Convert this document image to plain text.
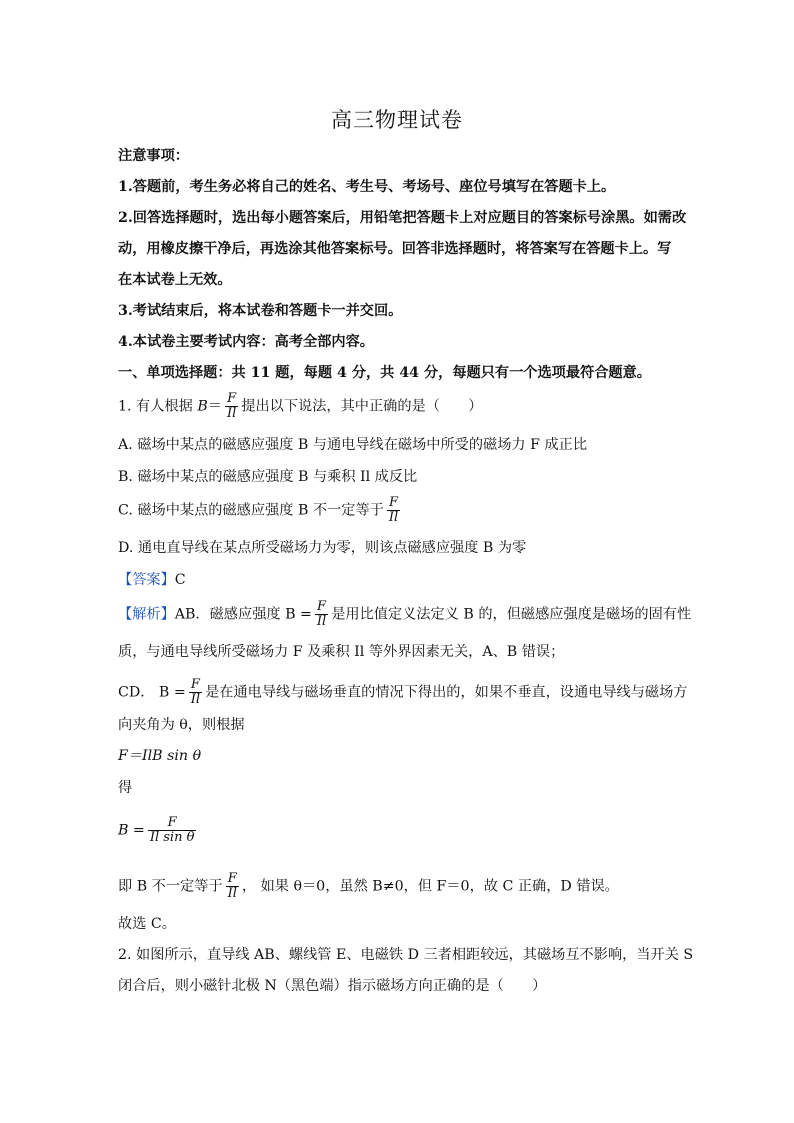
高三物理试卷
注意事项：
1.答题前，考生务必将自己的姓名、考生号、考场号、座位号填写在答题卡上。
2.回答选择题时，选出每小题答案后，用铅笔把答题卡上对应题目的答案标号涂黑。如需改
动，用橡皮擦干净后，再选涂其他答案标号。回答非选择题时，将答案写在答题卡上。写
在本试卷上无效。
3.考试结束后，将本试卷和答题卡一并交回。
4.本试卷主要考试内容：高考全部内容。
一、单项选择题：共 11 题，每题 4 分，共 44 分，每题只有一个选项最符合题意。
1. 有人根据 $B= \frac{F}{Il}$ 提出以下说法，其中正确的是（　　）
A. 磁场中某点的磁感应强度 B 与通电导线在磁场中所受的磁场力 F 成正比
B. 磁场中某点的磁感应强度 B 与乘积 Il 成反比
C. 磁场中某点的磁感应强度 B 不一定等于 $\frac{F}{Il}$
D. 通电直导线在某点所受磁场力为零，则该点磁感应强度 B 为零
【答案】C
【解析】AB．磁感应强度 $B = \frac{F}{Il}$ 是用比值定义法定义 B 的，但磁感应强度是磁场的固有性
质，与通电导线所受磁场力 F 及乘积 Il 等外界因素无关，A、B 错误；
CD． $B = \frac{F}{Il}$ 是在通电导线与磁场垂直的情况下得出的，如果不垂直，设通电导线与磁场方
向夹角为 θ，则根据
F＝IlB sin θ
得
$B = \frac{F}{\text{Il sin θ}}$
即 B 不一定等于 $\frac{F}{Il}$ ， 如果 θ＝0，虽然 B≠0，但 F＝0，故 C 正确，D 错误。
故选 C。
2. 如图所示，直导线 AB、螺线管 E、电磁铁 D 三者相距较远，其磁场互不影响，当开关 S
闭合后，则小磁针北极 N（黑色端）指示磁场方向正确的是（　　）
